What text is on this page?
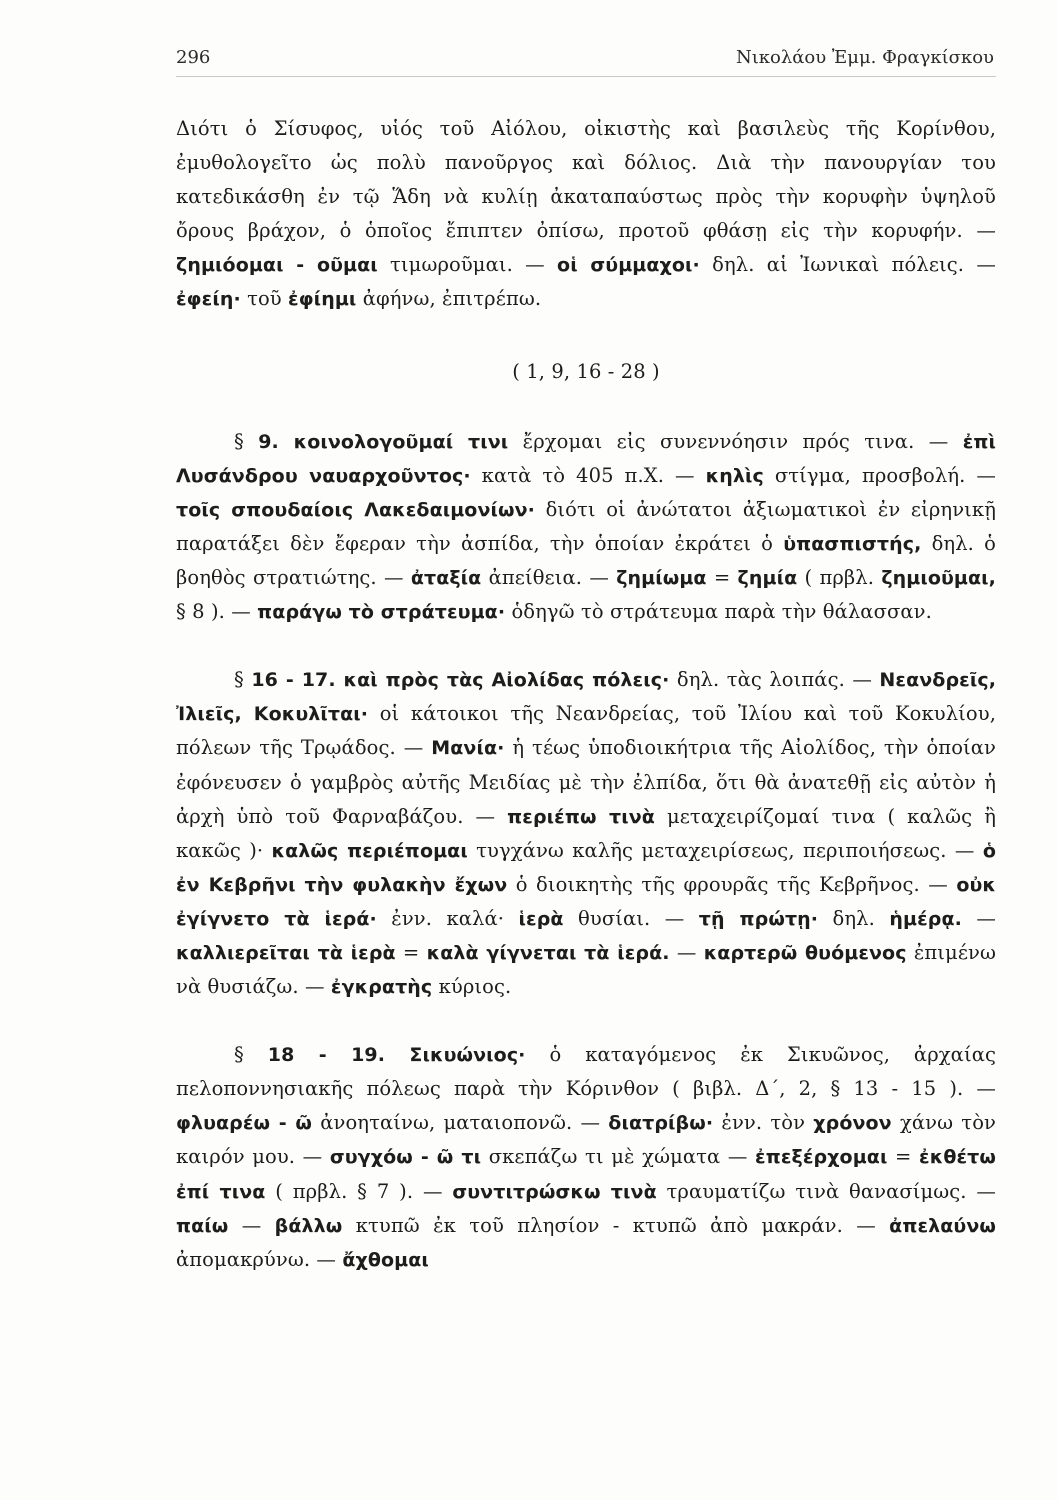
296	Νικολάου Ἐμμ. Φραγκίσκου

Διότι ὁ Σίσυφος, υἱός τοῦ Αἰόλου, οἰκιστὴς καὶ βασιλεὺς τῆς Κορίνθου, ἐμυθολογεῖτο ὡς πολὺ πανοῦργος καὶ δόλιος. Διὰ τὴν πανουργίαν του κατεδικάσθη ἐν τῷ Ἅδη νὰ κυλίῃ ἀκαταπαύστως πρὸς τὴν κορυφὴν ὑψηλοῦ ὄρους βράχον, ὁ ὁποῖος ἔπιπτεν ὀπίσω, προτοῦ φθάσῃ εἰς τὴν κορυφήν. — ζημιόομαι - οῦμαι τιμωροῦμαι. — οἱ σύμμαχοι· δηλ. αἱ Ἰωνικαὶ πόλεις. — ἐφείη· τοῦ ἐφίημι ἀφήνω, ἐπιτρέπω.

( 1, 9, 16 - 28 )

§ 9. κοινολογοῦμαί τινι ἔρχομαι εἰς συνεννόησιν πρός τινα. — ἐπὶ Λυσάνδρου ναυαρχοῦντος· κατὰ τὸ 405 π.Χ. — κηλὶς στίγμα, προσβολή. — τοῖς σπουδαίοις Λακεδαιμονίων· διότι οἱ ἀνώτατοι ἀξιωματικοὶ ἐν εἰρηνικῇ παρατάξει δὲν ἔφεραν τὴν ἀσπίδα, τὴν ὁποίαν ἐκράτει ὁ ὑπασπιστής, δηλ. ὁ βοηθὸς στρατιώτης. — ἀταξία ἀπείθεια. — ζημίωμα = ζημία ( πρβλ. ζημιοῦμαι, § 8 ). — παράγω τὸ στράτευμα· ὁδηγῶ τὸ στράτευμα παρὰ τὴν θάλασσαν.

§ 16 - 17. καὶ πρὸς τὰς Αἰολίδας πόλεις· δηλ. τὰς λοιπάς. — Νεανδρεῖς, Ἰλιεῖς, Κοκυλῖται· οἱ κάτοικοι τῆς Νεανδρείας, τοῦ Ἰλίου καὶ τοῦ Κοκυλίου, πόλεων τῆς Τρῳάδος. — Μανία· ἡ τέως ὑποδιοικήτρια τῆς Αἰολίδος, τὴν ὁποίαν ἐφόνευσεν ὁ γαμβρὸς αὐτῆς Μειδίας μὲ τὴν ἐλπίδα, ὅτι θὰ ἀνατεθῇ εἰς αὐτὸν ἡ ἀρχὴ ὑπὸ τοῦ Φαρναβάζου. — περιέπω τινὰ μεταχειρίζομαί τινα ( καλῶς ἢ κακῶς )· καλῶς περιέπομαι τυγχάνω καλῆς μεταχειρίσεως, περιποιήσεως. — ὁ ἐν Κεβρῆνι τὴν φυλακὴν ἔχων ὁ διοικητὴς τῆς φρουρᾶς τῆς Κεβρῆνος. — οὐκ ἐγίγνετο τὰ ἱερά· ἐνν. καλά· ἱερὰ θυσίαι. — τῇ πρώτῃ· δηλ. ἡμέρᾳ. — καλλιερεῖται τὰ ἱερὰ = καλὰ γίγνεται τὰ ἱερά. — καρτερῶ θυόμενος ἐπιμένω νὰ θυσιάζω. — ἐγκρατὴς κύριος.

§ 18 - 19. Σικυώνιος· ὁ καταγόμενος ἐκ Σικυῶνος, ἀρχαίας πελοποννησιακῆς πόλεως παρὰ τὴν Κόρινθον ( βιβλ. Δ΄, 2, § 13 - 15 ). — φλυαρέω - ῶ ἀνοηταίνω, ματαιοπονῶ. — διατρίβω· ἐνν. τὸν χρόνον χάνω τὸν καιρόν μου. — συγχόω - ῶ τι σκεπάζω τι μὲ χώματα — ἐπεξέρχομαι = ἐκθέτω ἐπί τινα ( πρβλ. § 7 ). — συντιτρώσκω τινὰ τραυματίζω τινὰ θανασίμως. — παίω — βάλλω κτυπῶ ἐκ τοῦ πλησίον - κτυπῶ ἀπὸ μακράν. — ἀπελαύνω ἀπομακρύνω. — ἄχθομαι
